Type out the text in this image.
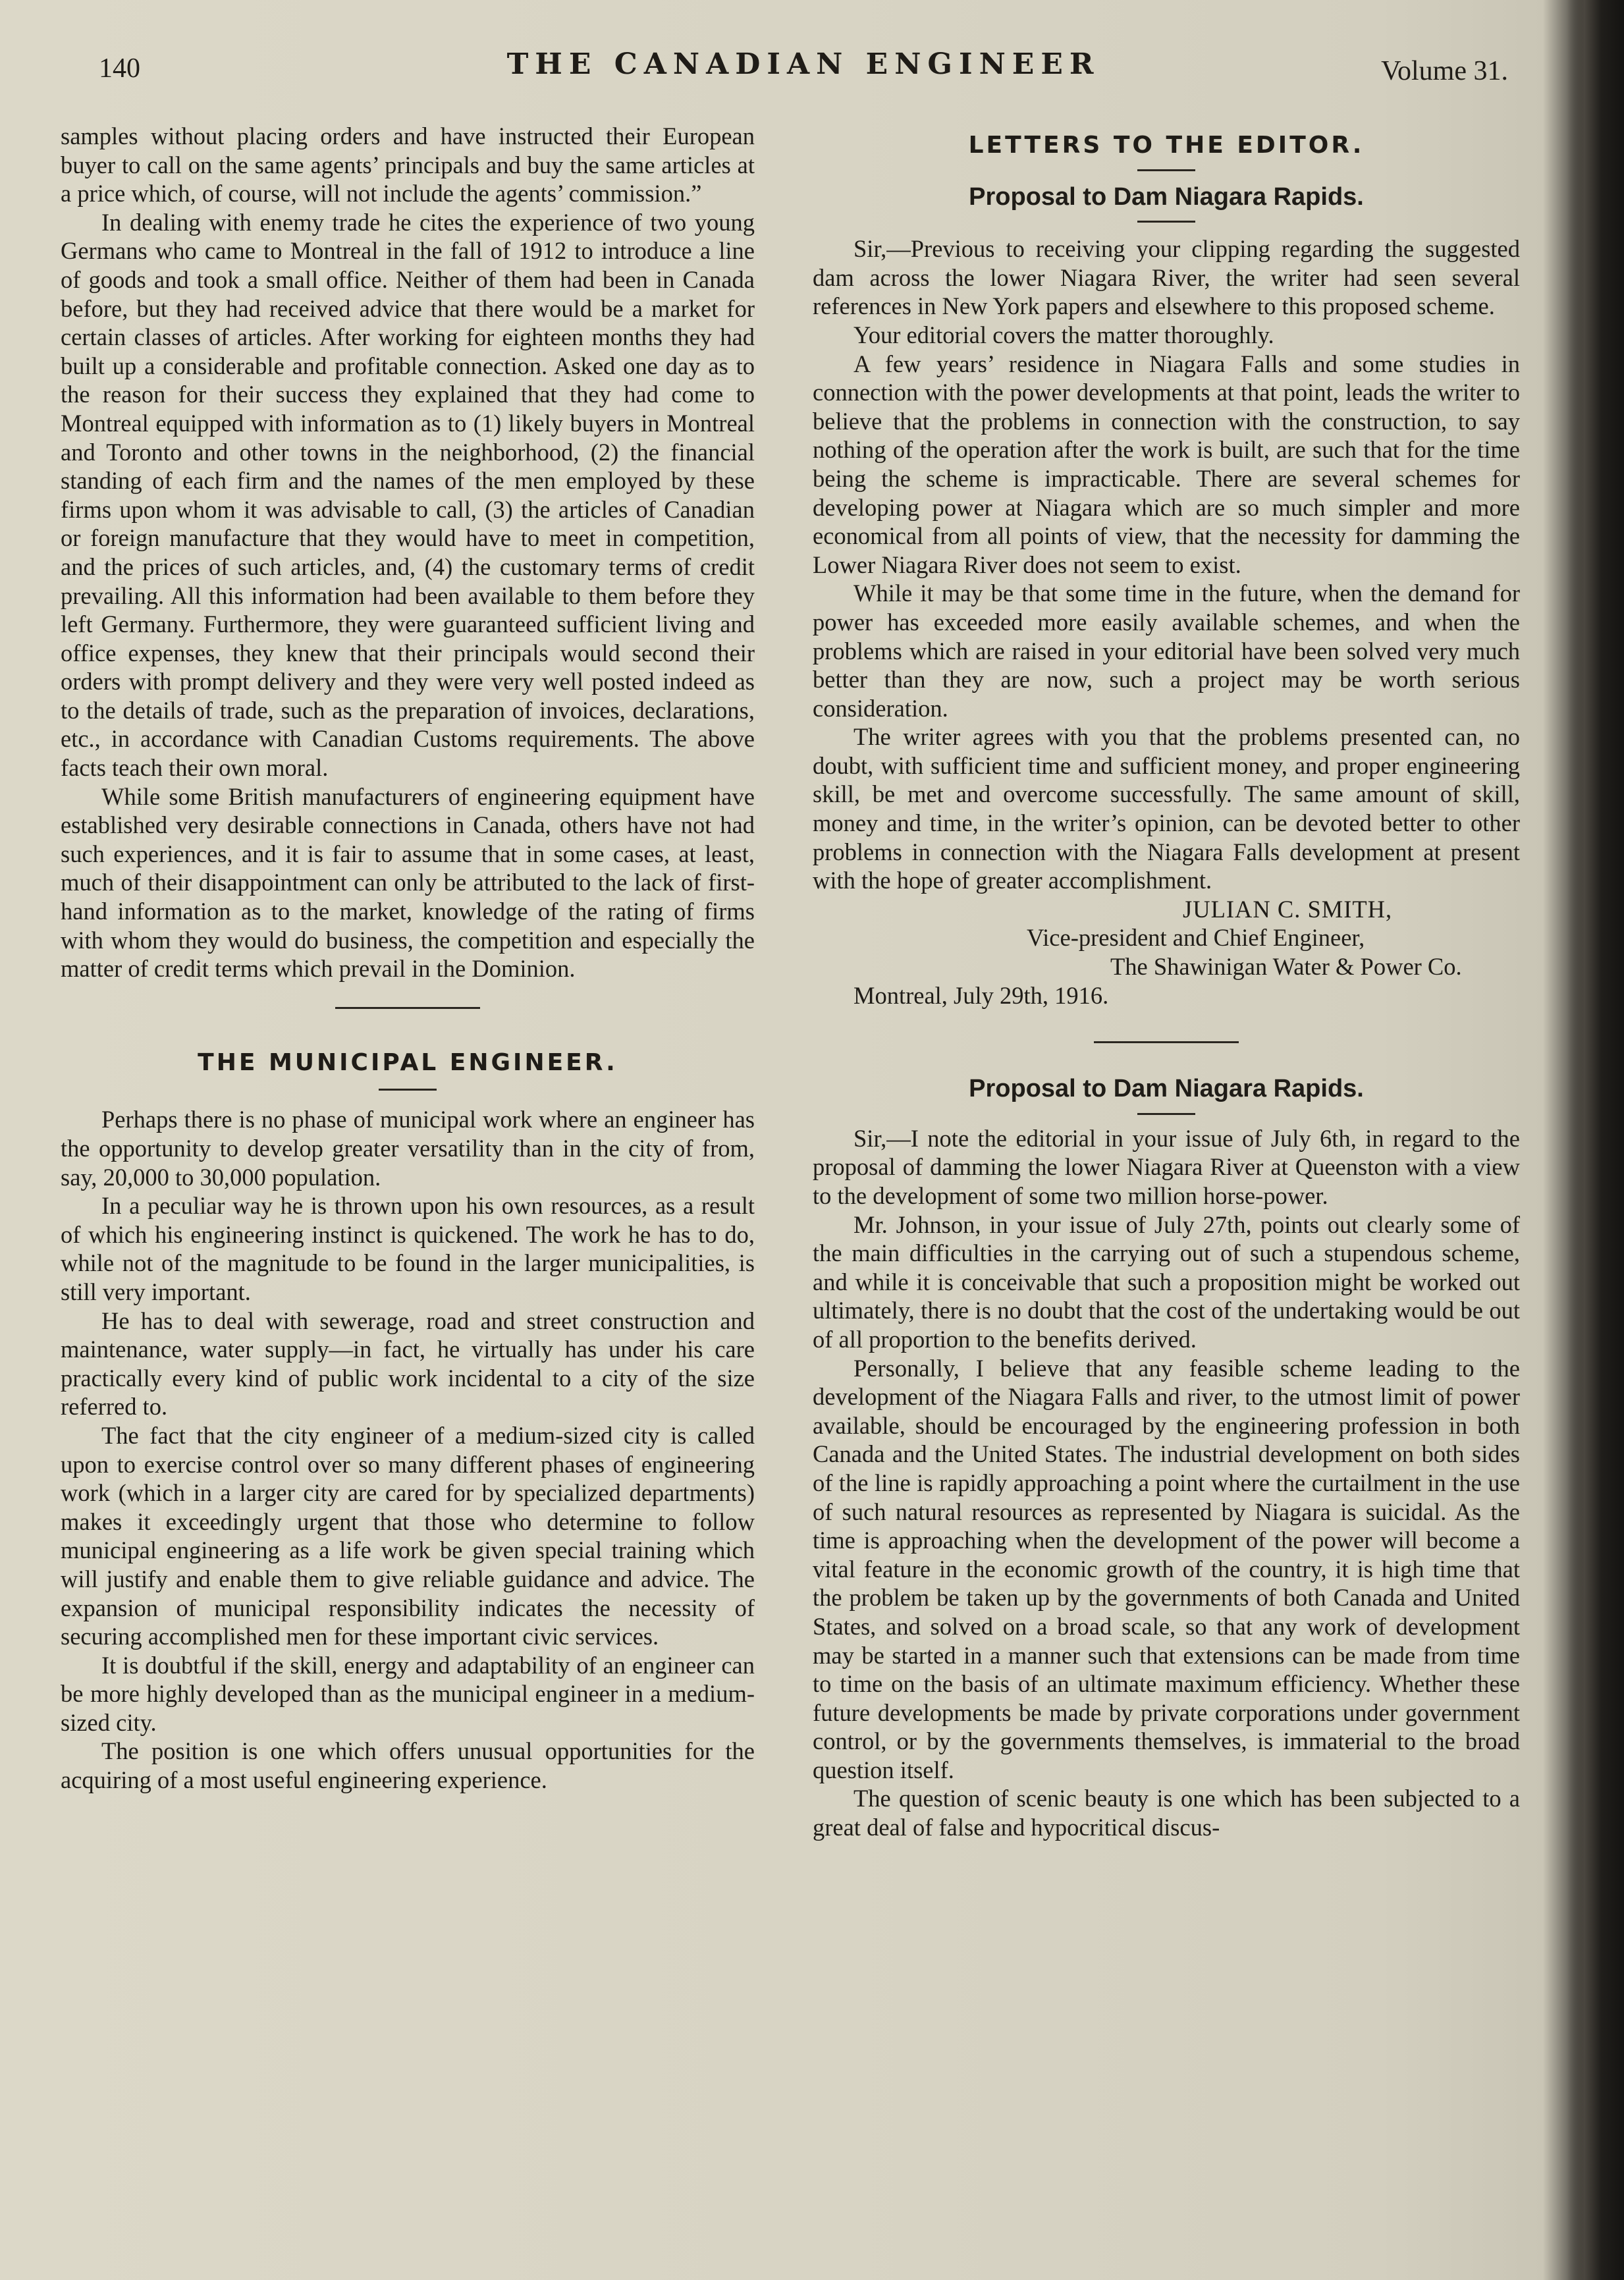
140	THE CANADIAN ENGINEER	Volume 31.

samples without placing orders and have instructed their European buyer to call on the same agents’ principals and buy the same articles at a price which, of course, will not include the agents’ commission.”

In dealing with enemy trade he cites the experience of two young Germans who came to Montreal in the fall of 1912 to introduce a line of goods and took a small office. Neither of them had been in Canada before, but they had received advice that there would be a market for certain classes of articles. After working for eighteen months they had built up a considerable and profitable connection. Asked one day as to the reason for their success they explained that they had come to Montreal equipped with information as to (1) likely buyers in Montreal and Toronto and other towns in the neighborhood, (2) the financial standing of each firm and the names of the men employed by these firms upon whom it was advisable to call, (3) the articles of Canadian or foreign manufacture that they would have to meet in competition, and the prices of such articles, and, (4) the customary terms of credit prevailing. All this information had been available to them before they left Germany. Furthermore, they were guaranteed sufficient living and office expenses, they knew that their principals would second their orders with prompt delivery and they were very well posted indeed as to the details of trade, such as the preparation of invoices, declarations, etc., in accordance with Canadian Customs requirements. The above facts teach their own moral.

While some British manufacturers of engineering equipment have established very desirable connections in Canada, others have not had such experiences, and it is fair to assume that in some cases, at least, much of their disappointment can only be attributed to the lack of first-hand information as to the market, knowledge of the rating of firms with whom they would do business, the competition and especially the matter of credit terms which prevail in the Dominion.

THE MUNICIPAL ENGINEER.

Perhaps there is no phase of municipal work where an engineer has the opportunity to develop greater versatility than in the city of from, say, 20,000 to 30,000 population.

In a peculiar way he is thrown upon his own resources, as a result of which his engineering instinct is quickened. The work he has to do, while not of the magnitude to be found in the larger municipalities, is still very important.

He has to deal with sewerage, road and street construction and maintenance, water supply—in fact, he virtually has under his care practically every kind of public work incidental to a city of the size referred to.

The fact that the city engineer of a medium-sized city is called upon to exercise control over so many different phases of engineering work (which in a larger city are cared for by specialized departments) makes it exceedingly urgent that those who determine to follow municipal engineering as a life work be given special training which will justify and enable them to give reliable guidance and advice. The expansion of municipal responsibility indicates the necessity of securing accomplished men for these important civic services.

It is doubtful if the skill, energy and adaptability of an engineer can be more highly developed than as the municipal engineer in a medium-sized city.

The position is one which offers unusual opportunities for the acquiring of a most useful engineering experience.

LETTERS TO THE EDITOR.
Proposal to Dam Niagara Rapids.

Sir,—Previous to receiving your clipping regarding the suggested dam across the lower Niagara River, the writer had seen several references in New York papers and elsewhere to this proposed scheme.

Your editorial covers the matter thoroughly.

A few years’ residence in Niagara Falls and some studies in connection with the power developments at that point, leads the writer to believe that the problems in connection with the construction, to say nothing of the operation after the work is built, are such that for the time being the scheme is impracticable. There are several schemes for developing power at Niagara which are so much simpler and more economical from all points of view, that the necessity for damming the Lower Niagara River does not seem to exist.

While it may be that some time in the future, when the demand for power has exceeded more easily available schemes, and when the problems which are raised in your editorial have been solved very much better than they are now, such a project may be worth serious consideration.

The writer agrees with you that the problems presented can, no doubt, with sufficient time and sufficient money, and proper engineering skill, be met and overcome successfully. The same amount of skill, money and time, in the writer’s opinion, can be devoted better to other problems in connection with the Niagara Falls development at present with the hope of greater accomplishment.

JULIAN C. SMITH,

Vice-president and Chief Engineer,

The Shawinigan Water & Power Co.

Montreal, July 29th, 1916.

Proposal to Dam Niagara Rapids.

Sir,—I note the editorial in your issue of July 6th, in regard to the proposal of damming the lower Niagara River at Queenston with a view to the development of some two million horse-power.

Mr. Johnson, in your issue of July 27th, points out clearly some of the main difficulties in the carrying out of such a stupendous scheme, and while it is conceivable that such a proposition might be worked out ultimately, there is no doubt that the cost of the undertaking would be out of all proportion to the benefits derived.

Personally, I believe that any feasible scheme leading to the development of the Niagara Falls and river, to the utmost limit of power available, should be encouraged by the engineering profession in both Canada and the United States. The industrial development on both sides of the line is rapidly approaching a point where the curtailment in the use of such natural resources as represented by Niagara is suicidal. As the time is approaching when the development of the power will become a vital feature in the economic growth of the country, it is high time that the problem be taken up by the governments of both Canada and United States, and solved on a broad scale, so that any work of development may be started in a manner such that extensions can be made from time to time on the basis of an ultimate maximum efficiency. Whether these future developments be made by private corporations under government control, or by the governments themselves, is immaterial to the broad question itself.

The question of scenic beauty is one which has been subjected to a great deal of false and hypocritical discus-
